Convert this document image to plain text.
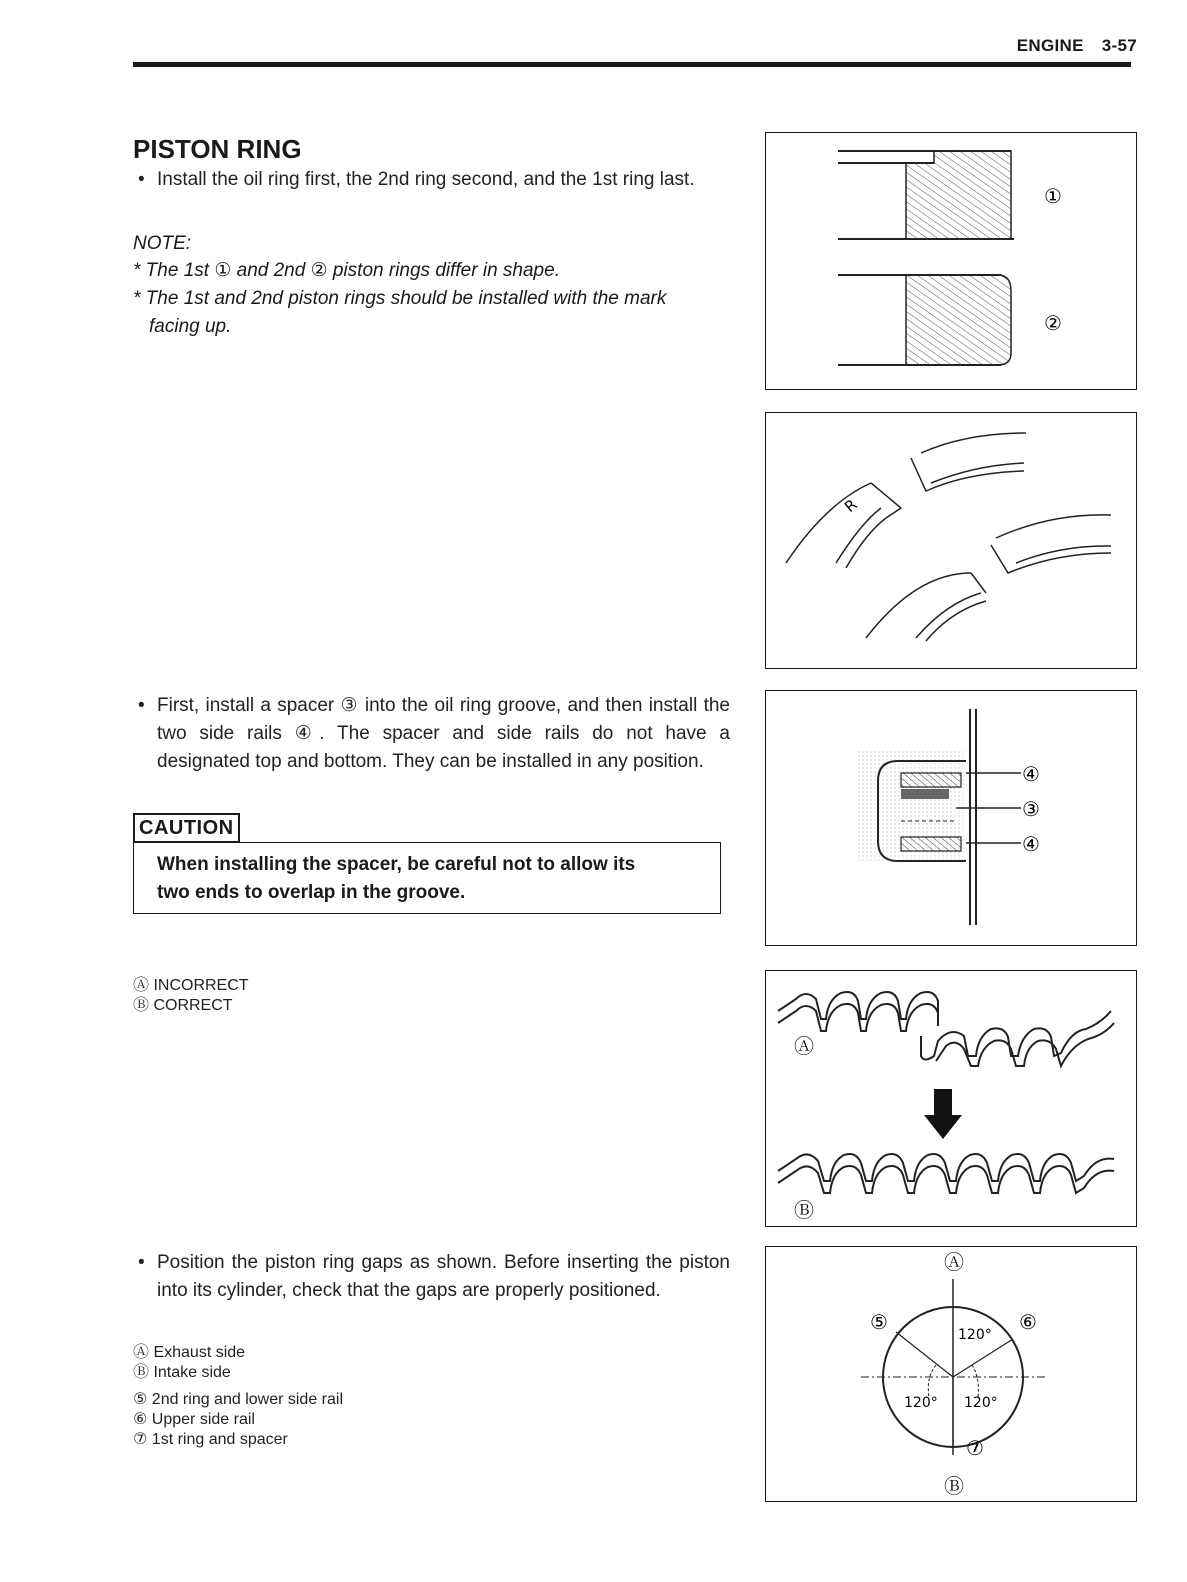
ENGINE 3-57
PISTON RING
• Install the oil ring first, the 2nd ring second, and the 1st ring last.
NOTE:
* The 1st ① and 2nd ② piston rings differ in shape.
* The 1st and 2nd piston rings should be installed with the mark
facing up.
• First, install a spacer ③ into the oil ring groove, and then install the two side rails ④. The spacer and side rails do not have a designated top and bottom. They can be installed in any position.
CAUTION
When installing the spacer, be careful not to allow its
two ends to overlap in the groove.
Ⓐ INCORRECT
Ⓑ CORRECT
• Position the piston ring gaps as shown. Before inserting the piston into its cylinder, check that the gaps are properly positioned.
Ⓐ Exhaust side
Ⓑ Intake side
⑤ 2nd ring and lower side rail
⑥ Upper side rail
⑦ 1st ring and spacer
①
②
R
④
③
④
Ⓐ
Ⓑ
Ⓐ
Ⓑ
⑤	⑥
⑦
120°
120° 120°
